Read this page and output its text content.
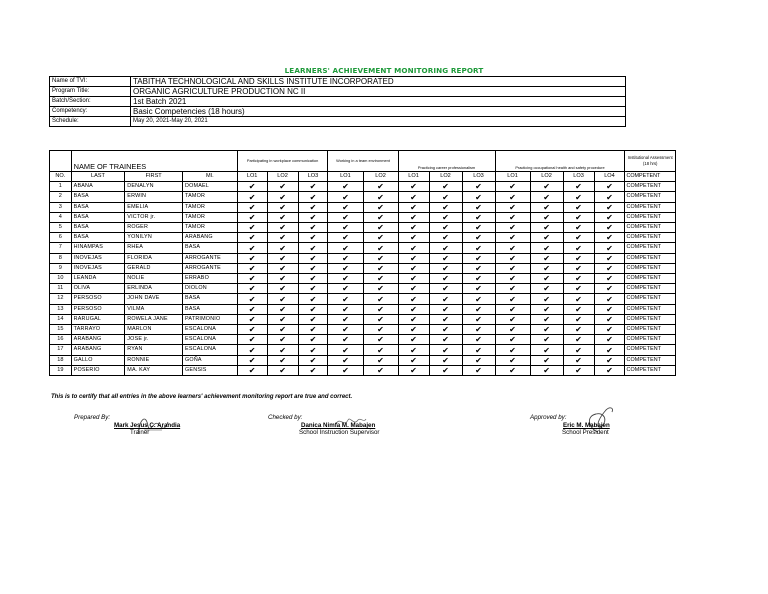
LEARNERS' ACHIEVEMENT MONITORING REPORT
Name of TVI:	TABITHA TECHNOLOGICAL AND SKILLS INSTITUTE INCORPORATED
Program Title:	ORGANIC AGRICULTURE PRODUCTION NC II
Batch/Section:	1st Batch 2021
Competency:	Basic Competencies (18 hours)
Schedule:	May 20, 2021-May 20, 2021
	NAME OF TRAINEES			Participating in workplace communication			Working in a team environment		Practicing career professionalism			Practicing occupational health and safety procedure				Institutional Assessment (18 hrs)
NO.	LAST	FIRST	MI.	LO1	LO2	LO3	LO1	LO2	LO1	LO2	LO3	LO1	LO2	LO3	LO4	COMPETENT
1	ABANA	DENALYN	DOMAEL	✔	✔	✔	✔	✔	✔	✔	✔	✔	✔	✔	✔	COMPETENT
2	BASA	ERWIN	TAMOR	✔	✔	✔	✔	✔	✔	✔	✔	✔	✔	✔	✔	COMPETENT
3	BASA	EMELIA	TAMOR	✔	✔	✔	✔	✔	✔	✔	✔	✔	✔	✔	✔	COMPETENT
4	BASA	VICTOR jr.	TAMOR	✔	✔	✔	✔	✔	✔	✔	✔	✔	✔	✔	✔	COMPETENT
5	BASA	ROGER	TAMOR	✔	✔	✔	✔	✔	✔	✔	✔	✔	✔	✔	✔	COMPETENT
6	BASA	YONILYN	ARABANG	✔	✔	✔	✔	✔	✔	✔	✔	✔	✔	✔	✔	COMPETENT
7	HINAMPAS	RHEA	BASA	✔	✔	✔	✔	✔	✔	✔	✔	✔	✔	✔	✔	COMPETENT
8	INOVEJAS	FLORIDA	ARROGANTE	✔	✔	✔	✔	✔	✔	✔	✔	✔	✔	✔	✔	COMPETENT
9	INOVEJAS	GERALD	ARROGANTE	✔	✔	✔	✔	✔	✔	✔	✔	✔	✔	✔	✔	COMPETENT
10	LEANDA	NOLIE	ERRABO	✔	✔	✔	✔	✔	✔	✔	✔	✔	✔	✔	✔	COMPETENT
11	OLIVA	ERLINDA	DIOLON	✔	✔	✔	✔	✔	✔	✔	✔	✔	✔	✔	✔	COMPETENT
12	PERSOSO	JOHN DAVE	BASA	✔	✔	✔	✔	✔	✔	✔	✔	✔	✔	✔	✔	COMPETENT
13	PERSOSO	VILMA	BASA	✔	✔	✔	✔	✔	✔	✔	✔	✔	✔	✔	✔	COMPETENT
14	RARUGAL	ROWELA JANE	PATRIMONIO	✔	✔	✔	✔	✔	✔	✔	✔	✔	✔	✔	✔	COMPETENT
15	TARRAYO	MARLON	ESCALONA	✔	✔	✔	✔	✔	✔	✔	✔	✔	✔	✔	✔	COMPETENT
16	ARABANG	JOSE jr.	ESCALONA	✔	✔	✔	✔	✔	✔	✔	✔	✔	✔	✔	✔	COMPETENT
17	ARABANG	RYAN	ESCALONA	✔	✔	✔	✔	✔	✔	✔	✔	✔	✔	✔	✔	COMPETENT
18	GALLO	RONNIE	GOÑA	✔	✔	✔	✔	✔	✔	✔	✔	✔	✔	✔	✔	COMPETENT
19	POSERIO	MA. KAY	GENSIS	✔	✔	✔	✔	✔	✔	✔	✔	✔	✔	✔	✔	COMPETENT
This is to certify that all entries in the above learners' achievement monitoring report are true and correct.
Prepared By:
Mark Jesus C. Arandia
Trainer
Checked by:
Danica Nimfa M. Mabajen
School Instruction Supervisor
Approved by:
Eric M. Mabajen
School President
